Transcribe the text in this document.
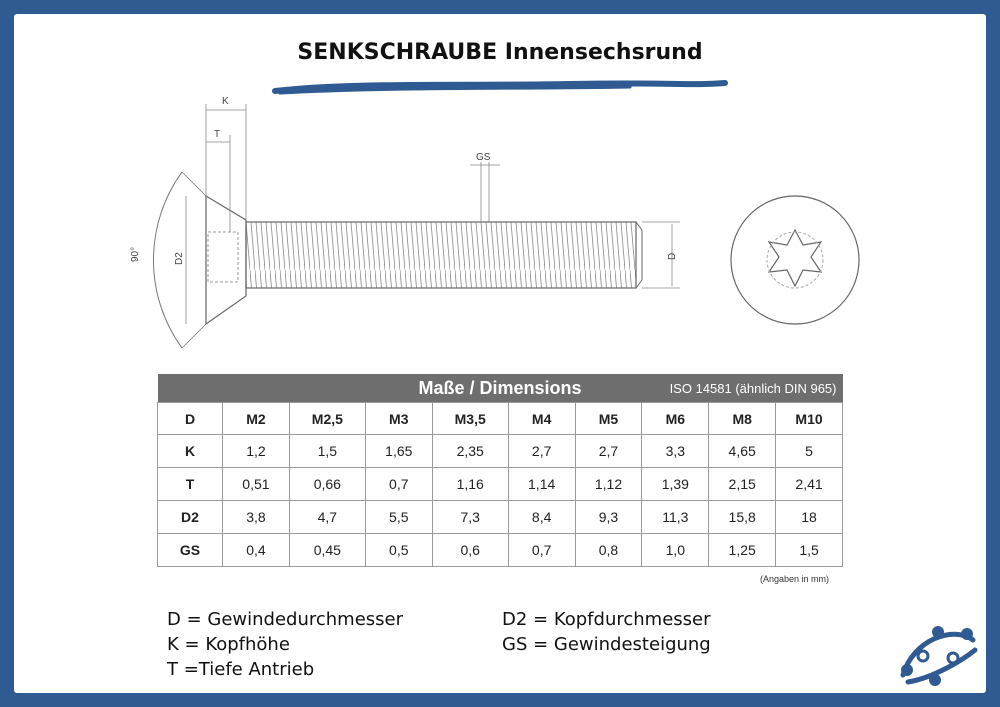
SENKSCHRAUBE Innensechsrund
D
D2
90°
K
T
GS
Maße / Dimensions ISO 14581 (ähnlich DIN 965)									

D	M2	M2,5	M3	M3,5	M4	M5	M6	M8	M10
K	1,2	1,5	1,65	2,35	2,7	2,7	3,3	4,65	5
T	0,51	0,66	0,7	1,16	1,14	1,12	1,39	2,15	2,41
D2	3,8	4,7	5,5	7,3	8,4	9,3	11,3	15,8	18
GS	0,4	0,45	0,5	0,6	0,7	0,8	1,0	1,25	1,5
(Angaben in mm)
D = Gewindedurchmesser
K = Kopfhöhe
T =Tiefe Antrieb
D2 = Kopfdurchmesser
GS = Gewindesteigung
